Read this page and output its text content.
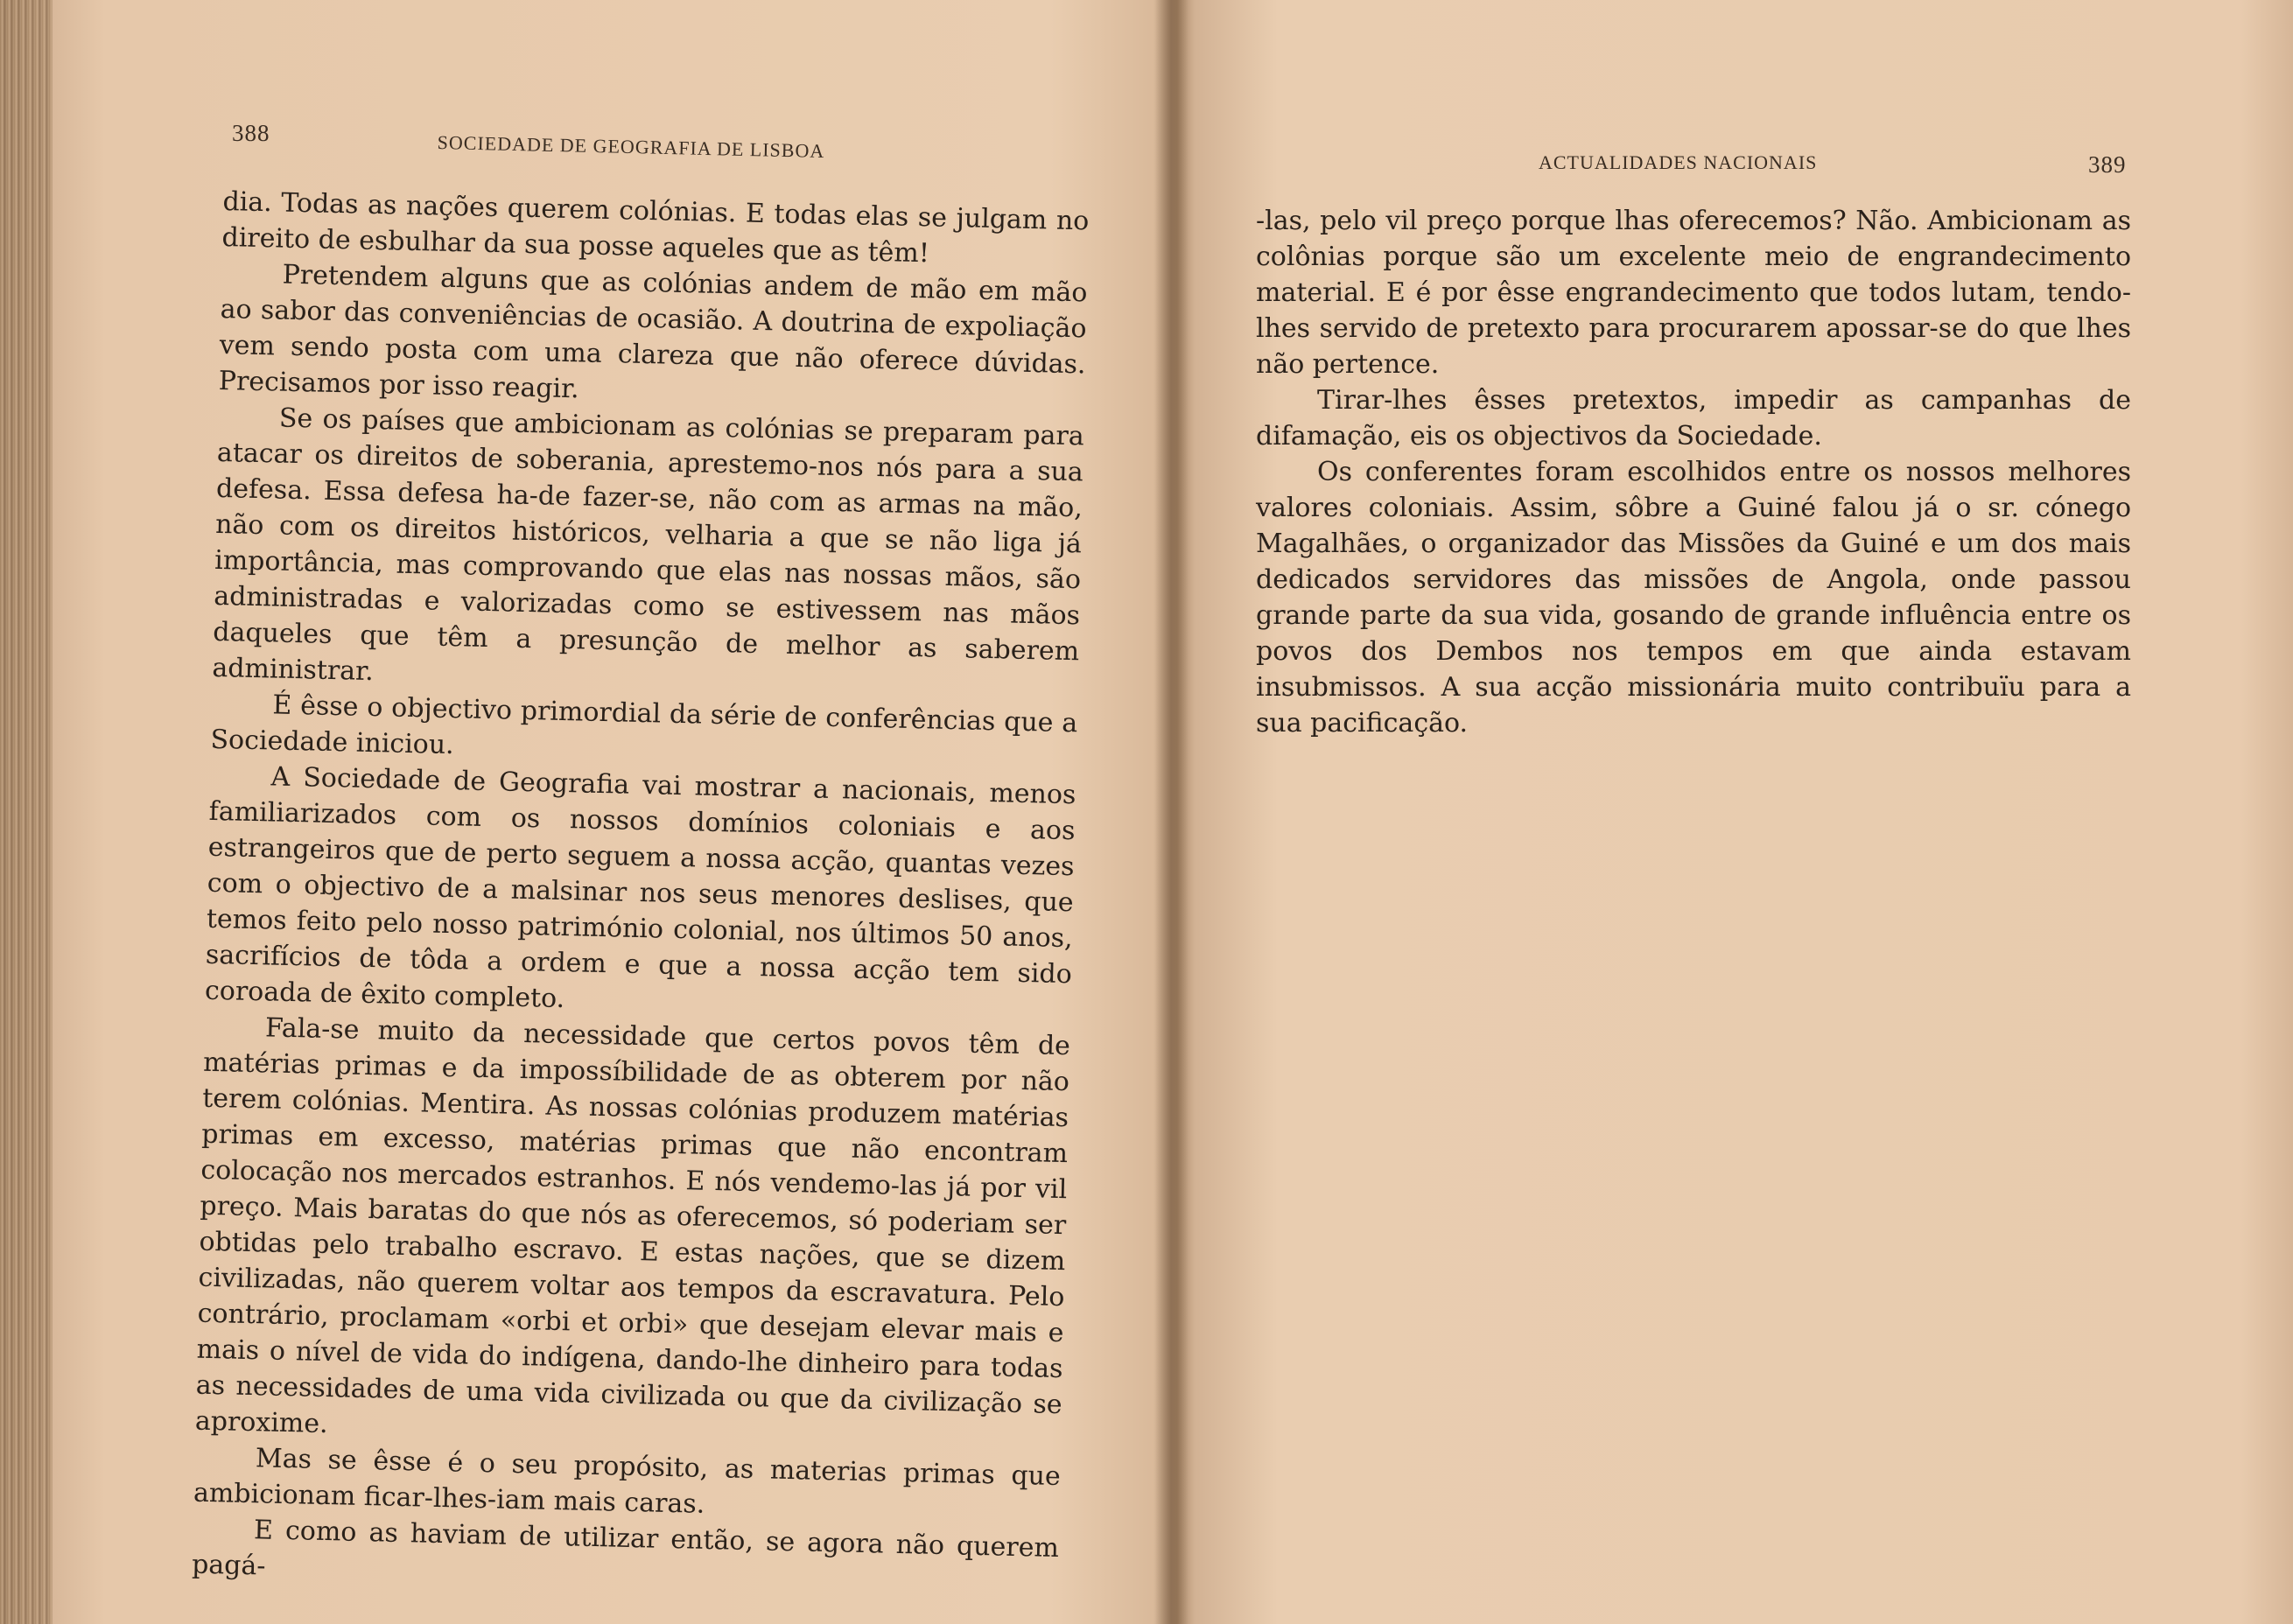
388	SOCIEDADE DE GEOGRAFIA DE LISBOA

dia. Todas as nações querem colónias. E todas elas se julgam no direito de esbulhar da sua posse aqueles que as têm!

Pretendem alguns que as colónias andem de mão em mão ao sabor das conveniências de ocasião. A doutrina de expoliação vem sendo posta com uma clareza que não oferece dúvidas. Precisamos por isso reagir.

Se os países que ambicionam as colónias se preparam para atacar os direitos de soberania, aprestemo-nos nós para a sua defesa. Essa defesa ha-de fazer-se, não com as armas na mão, não com os direitos históricos, velharia a que se não liga já importância, mas comprovando que elas nas nossas mãos, são administradas e valorizadas como se estivessem nas mãos daqueles que têm a presunção de melhor as saberem administrar.

É êsse o objectivo primordial da série de conferências que a Sociedade iniciou.

A Sociedade de Geografia vai mostrar a nacionais, menos familiarizados com os nossos domínios coloniais e aos estrangeiros que de perto seguem a nossa acção, quantas vezes com o objectivo de a malsinar nos seus menores deslises, que temos feito pelo nosso património colonial, nos últimos 50 anos, sacrifícios de tôda a ordem e que a nossa acção tem sido coroada de êxito completo.

Fala-se muito da necessidade que certos povos têm de matérias primas e da impossíbilidade de as obterem por não terem colónias. Mentira. As nossas colónias produzem matérias primas em excesso, matérias primas que não encontram colocação nos mercados estranhos. E nós vendemo-las já por vil preço. Mais baratas do que nós as oferecemos, só poderiam ser obtidas pelo trabalho escravo. E estas nações, que se dizem civilizadas, não querem voltar aos tempos da escravatura. Pelo contrário, proclamam «orbi et orbi» que desejam elevar mais e mais o nível de vida do indígena, dando-lhe dinheiro para todas as necessidades de uma vida civilizada ou que da civilização se aproxime.

Mas se êsse é o seu propósito, as materias primas que ambicionam ficar-lhes-iam mais caras.

E como as haviam de utilizar então, se agora não querem pagá-

ACTUALIDADES NACIONAIS	389

-las, pelo vil preço porque lhas oferecemos? Não. Ambicionam as colônias porque são um excelente meio de engrandecimento material. E é por êsse engrandecimento que todos lutam, tendo-lhes servido de pretexto para procurarem apossar-se do que lhes não pertence.

Tirar-lhes êsses pretextos, impedir as campanhas de difamação, eis os objectivos da Sociedade.

Os conferentes foram escolhidos entre os nossos melhores valores coloniais. Assim, sôbre a Guiné falou já o sr. cónego Magalhães, o organizador das Missões da Guiné e um dos mais dedicados servidores das missões de Angola, onde passou grande parte da sua vida, gosando de grande influência entre os povos dos Dembos nos tempos em que ainda estavam insubmissos. A sua acção missionária muito contribuïu para a sua pacificação.
